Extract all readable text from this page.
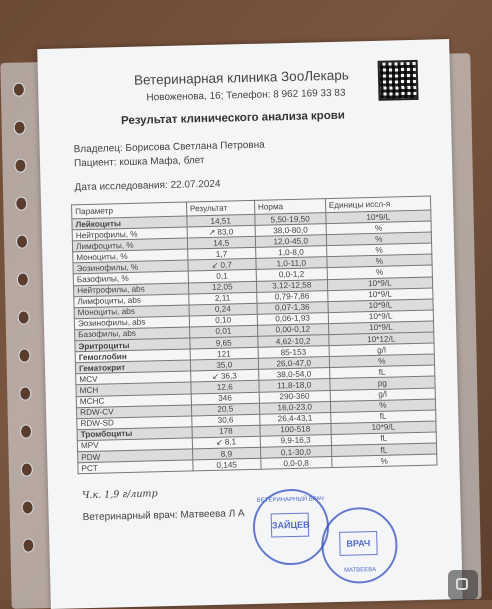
Ветеринарная клиника ЗооЛекарь
Новоженова, 16; Телефон: 8 962 169 33 83
Результат клинического анализа крови
Владелец: Борисова Светлана Петровна
Пациент: кошка Мафа, блет
Дата исследования: 22.07.2024
Параметр	Результат	Норма	Единицы иссл-я
Лейкоциты	14,51	5,50-19,50	10*9/L
Нейтрофилы, %	↗ 83,0	38,0-80,0	%
Лимфоциты, %	14,5	12,0-45,0	%
Моноциты, %	1,7	1,0-8,0	%
Эозинофилы, %	↙ 0,7	1,0-11,0	%
Базофилы, %	0,1	0,0-1,2	%
Нейтрофилы, abs	12,05	3,12-12,58	10*9/L
Лимфоциты, abs	2,11	0,79-7,86	10*9/L
Моноциты, abs	0,24	0,07-1,36	10*9/L
Эозинофилы, abs	0,10	0,06-1,93	10*9/L
Базофилы, abs	0,01	0,00-0,12	10*9/L
Эритроциты	9,65	4,62-10,2	10*12/L
Гемоглобин	121	85-153	g/l
Гематокрит	35,0	26,0-47,0	%
MCV	↙ 36,3	38,0-54,0	fL
MCH	12,6	11,8-18,0	pg
MCHC	346	290-360	g/l
RDW-CV	20,5	16,0-23,0	%
RDW-SD	30,6	26,4-43,1	fL
Тромбоциты	178	100-518	10*9/L
MPV	↙ 8,1	9,9-16,3	fL
PDW	8,9	0,1-30,0	fL
PCT	0,145	0,0-0,8	%
Ч.к. 1,9 г/литр
Ветеринарный врач: Матвеева Л А
ВЕТЕРИНАРНЫЙ ВРАЧ
ЗАЙЦЕВ
МАТВЕЕВА
ВРАЧ
